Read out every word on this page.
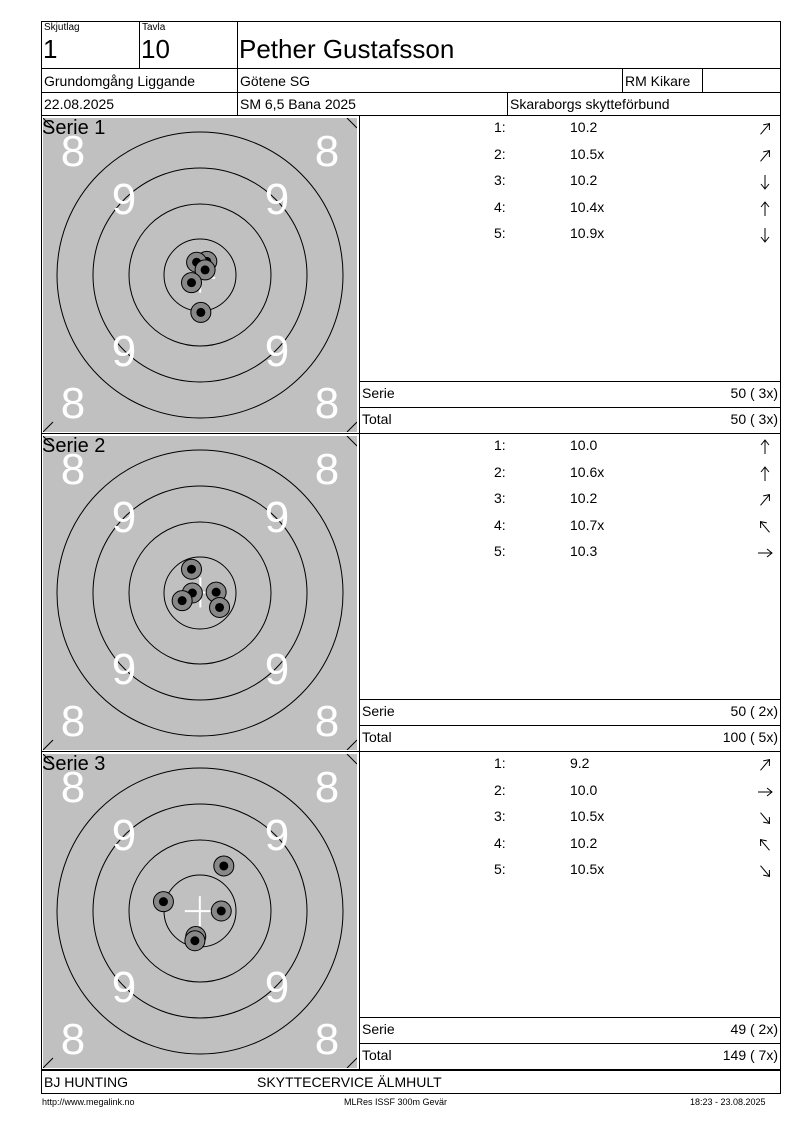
Skjutlag
1
Tavla
10	Pether Gustafsson
Grundomgång Liggande	Götene SG	RM Kikare
22.08.2025	SM 6,5 Bana 2025	Skaraborgs skytteförbund
8	8
8	8
9	9
9	9
Serie 1	1:	10.2
2:	10.5x
3:	10.2
4:	10.4x
5:	10.9x
Serie	50 ( 3x)
Total	50 ( 3x)
8	8
8	8
9	9
9	9
Serie 2	1:	10.0
2:	10.6x
3:	10.2
4:	10.7x
5:	10.3
Serie	50 ( 2x)
Total	100 ( 5x)
8	8
8	8
9	9
9	9
Serie 3	1:	9.2
2:	10.0
3:	10.5x
4:	10.2
5:	10.5x
Serie	49 ( 2x)
Total	149 ( 7x)
BJ HUNTING	SKYTTECERVICE ÄLMHULT
http://www.megalink.no	MLRes ISSF 300m Gevär	18:23 - 23.08.2025
